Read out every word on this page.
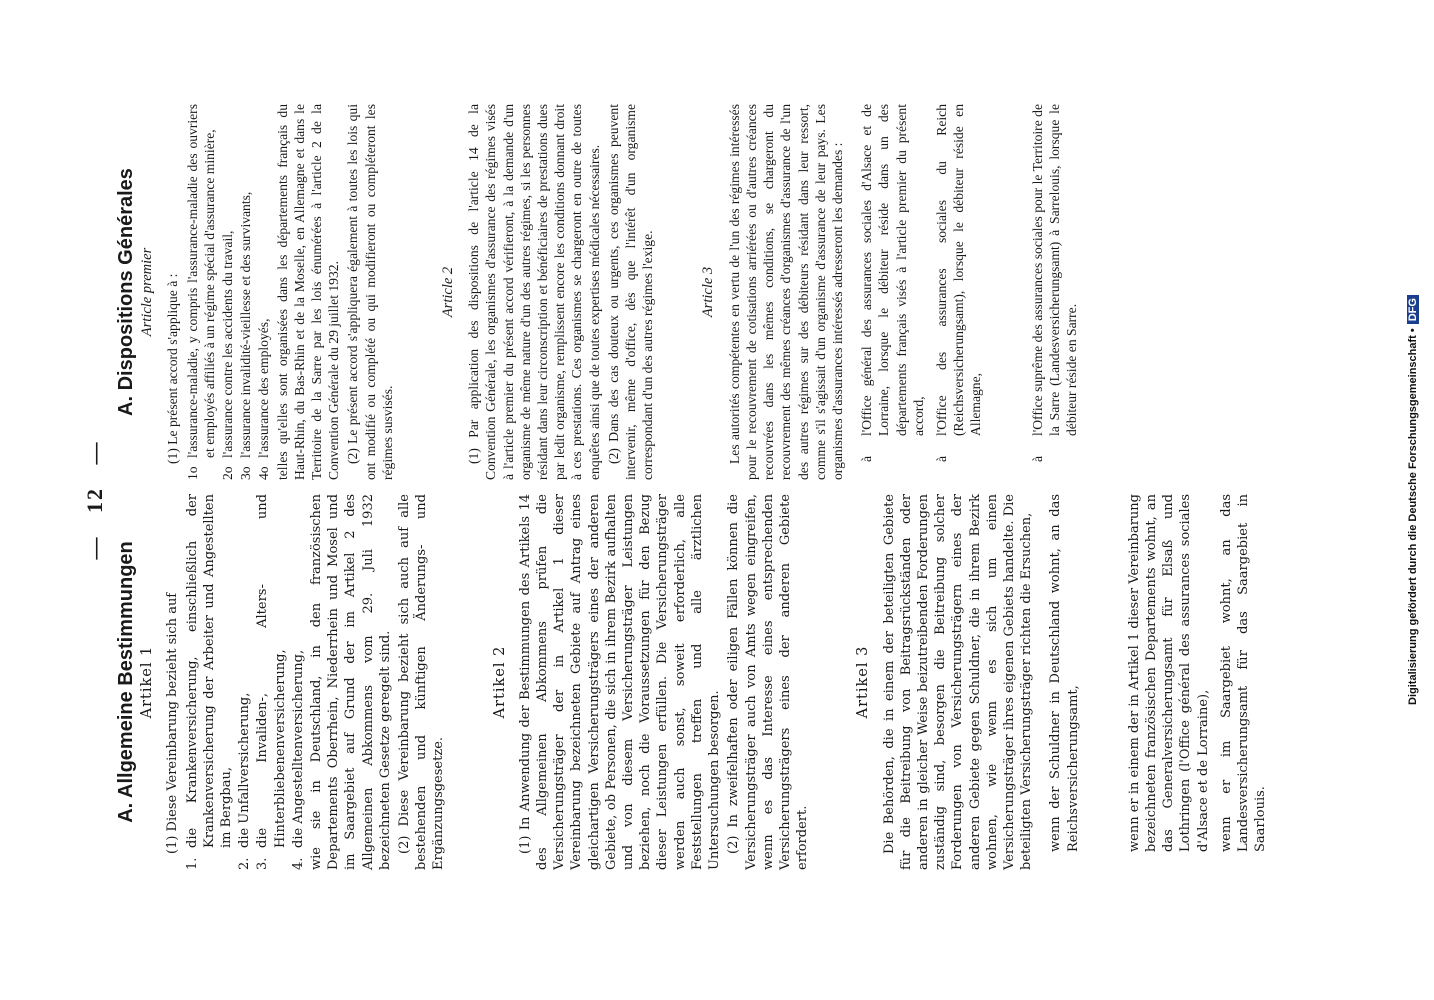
—   12   —
A. Allgemeine Bestimmungen Artikel 1 (1) Diese Vereinbarung bezieht sich auf

1.
die Krankenversicherung, einschließlich der Krankenversicherung der Arbeiter und Angestellten im Bergbau,
2.
die Unfallversicherung,
3.
die Invaliden-, Alters- und Hinterbliebenenversicherung,
4.
die Angestelltenversicherung, wie sie in Deutschland, in den französischen Departements Oberrhein, Niederrhein und Mosel und im Saargebiet auf Grund der im Artikel 2 des Allgemeinen Abkommens vom 29. Juli 1932 bezeichneten Gesetze geregelt sind. (2) Diese Vereinbarung bezieht sich auch auf alle bestehenden und künftigen Änderungs- und Ergänzungsgesetze.

Artikel 2 (1) In Anwendung der Bestimmungen des Artikels 14 des Allgemeinen Abkommens prüfen die Versicherungsträger der in Artikel 1 dieser Vereinbarung bezeichneten Gebiete auf Antrag eines gleichartigen Versicherungsträgers eines der anderen Gebiete, ob Personen, die sich in ihrem Bezirk aufhalten und von diesem Versicherungsträger Leistungen beziehen, noch die Voraussetzungen für den Bezug dieser Leistungen erfüllen. Die Versicherungsträger werden auch sonst, soweit erforderlich, alle Feststellungen treffen und alle ärztlichen Untersuchungen besorgen. (2) In zweifelhaften oder eiligen Fällen können die Versicherungsträger auch von Amts wegen eingreifen, wenn es das Interesse eines entsprechenden Versicherungsträgers eines der anderen Gebiete erfordert.

Artikel 3 Die Behörden, die in einem der beteiligten Gebiete für die Beitreibung von Beitragsrückständen oder anderen in gleicher Weise beizutreibenden Forderungen zuständig sind, besorgen die Beitreibung solcher Forderungen von Versicherungsträgern eines der anderen Gebiete gegen Schuldner, die in ihrem Bezirk wohnen, wie wenn es sich um einen Versicherungsträger ihres eigenen Gebiets handelte. Die beteiligten Versicherungsträger richten die Ersuchen, wenn der Schuldner in Deutschland wohnt, an das Reichsversicherungsamt,	wenn er in einem der in Artikel 1 dieser Vereinbarung bezeichneten französischen Departements wohnt, an das Generalversicherungsamt für Elsaß und Lothringen (l'Office général des assurances sociales d'Alsace et de Lorraine), wenn er im Saargebiet wohnt, an das Landesversicherungsamt für das Saargebiet in Saarlouis.
A. Dispositions Générales Article premier (1) Le présent accord s'applique à :

1o
l'assurance-maladie, y compris l'assurance-maladie des ouvriers et employés affiliés à un régime spécial d'assurance minière,
2o
l'assurance contre les accidents du travail,
3o
l'assurance invalidité-vieillesse et des survivants,
4o
l'assurance des employés, telles qu'elles sont organisées dans les départements français du Haut-Rhin, du Bas-Rhin et de la Moselle, en Allemagne et dans le Territoire de la Sarre par les lois énumérées à l'article 2 de la Convention Générale du 29 juillet 1932. (2) Le présent accord s'appliquera également à toutes les lois qui ont modifié ou complété ou qui modifieront ou compléteront les régimes susvisés.

Article 2 (1) Par application des dispositions de l'article 14 de la Convention Générale, les organismes d'assurance des régimes visés à l'article premier du présent accord vérifieront, à la demande d'un organisme de même nature d'un des autres régimes, si les personnes résidant dans leur circonscription et bénéficiaires de prestations dues par ledit organisme, remplissent encore les conditions donnant droit à ces prestations. Ces organismes se chargeront en outre de toutes enquêtes ainsi que de toutes expertises médicales nécessaires. (2) Dans des cas douteux ou urgents, ces organismes peuvent intervenir, même d'office, dès que l'intérêt d'un organisme correspondant d'un des autres régimes l'exige.	Article 3 Les autorités compétentes en vertu de l'un des régimes intéressés pour le recouvrement de cotisations arriérées ou d'autres créances recouvrées dans les mêmes conditions, se chargeront du recouvrement des mêmes créances d'organismes d'assurance de l'un des autres régimes sur des débiteurs résidant dans leur ressort, comme s'il s'agissait d'un organisme d'assurance de leur pays. Les organismes d'assurances intéressés adresseront les demandes : à
l'Office général des assurances sociales d'Alsace et de Lorraine, lorsque le débiteur réside dans un des départements français visés à l'article premier du présent accord,
à
l'Office des assurances sociales du Reich (Reichsversicherungsamt), lorsque le débiteur réside en Allemagne,
à
l'Office suprême des assurances sociales pour le Territoire de la Sarre (Landesversicherungsamt) à Sarrelouis, lorsque le débiteur réside en Sarre.	Digitalisierung gefördert durch die Deutsche Forschungsgemeinschaft •DFG
